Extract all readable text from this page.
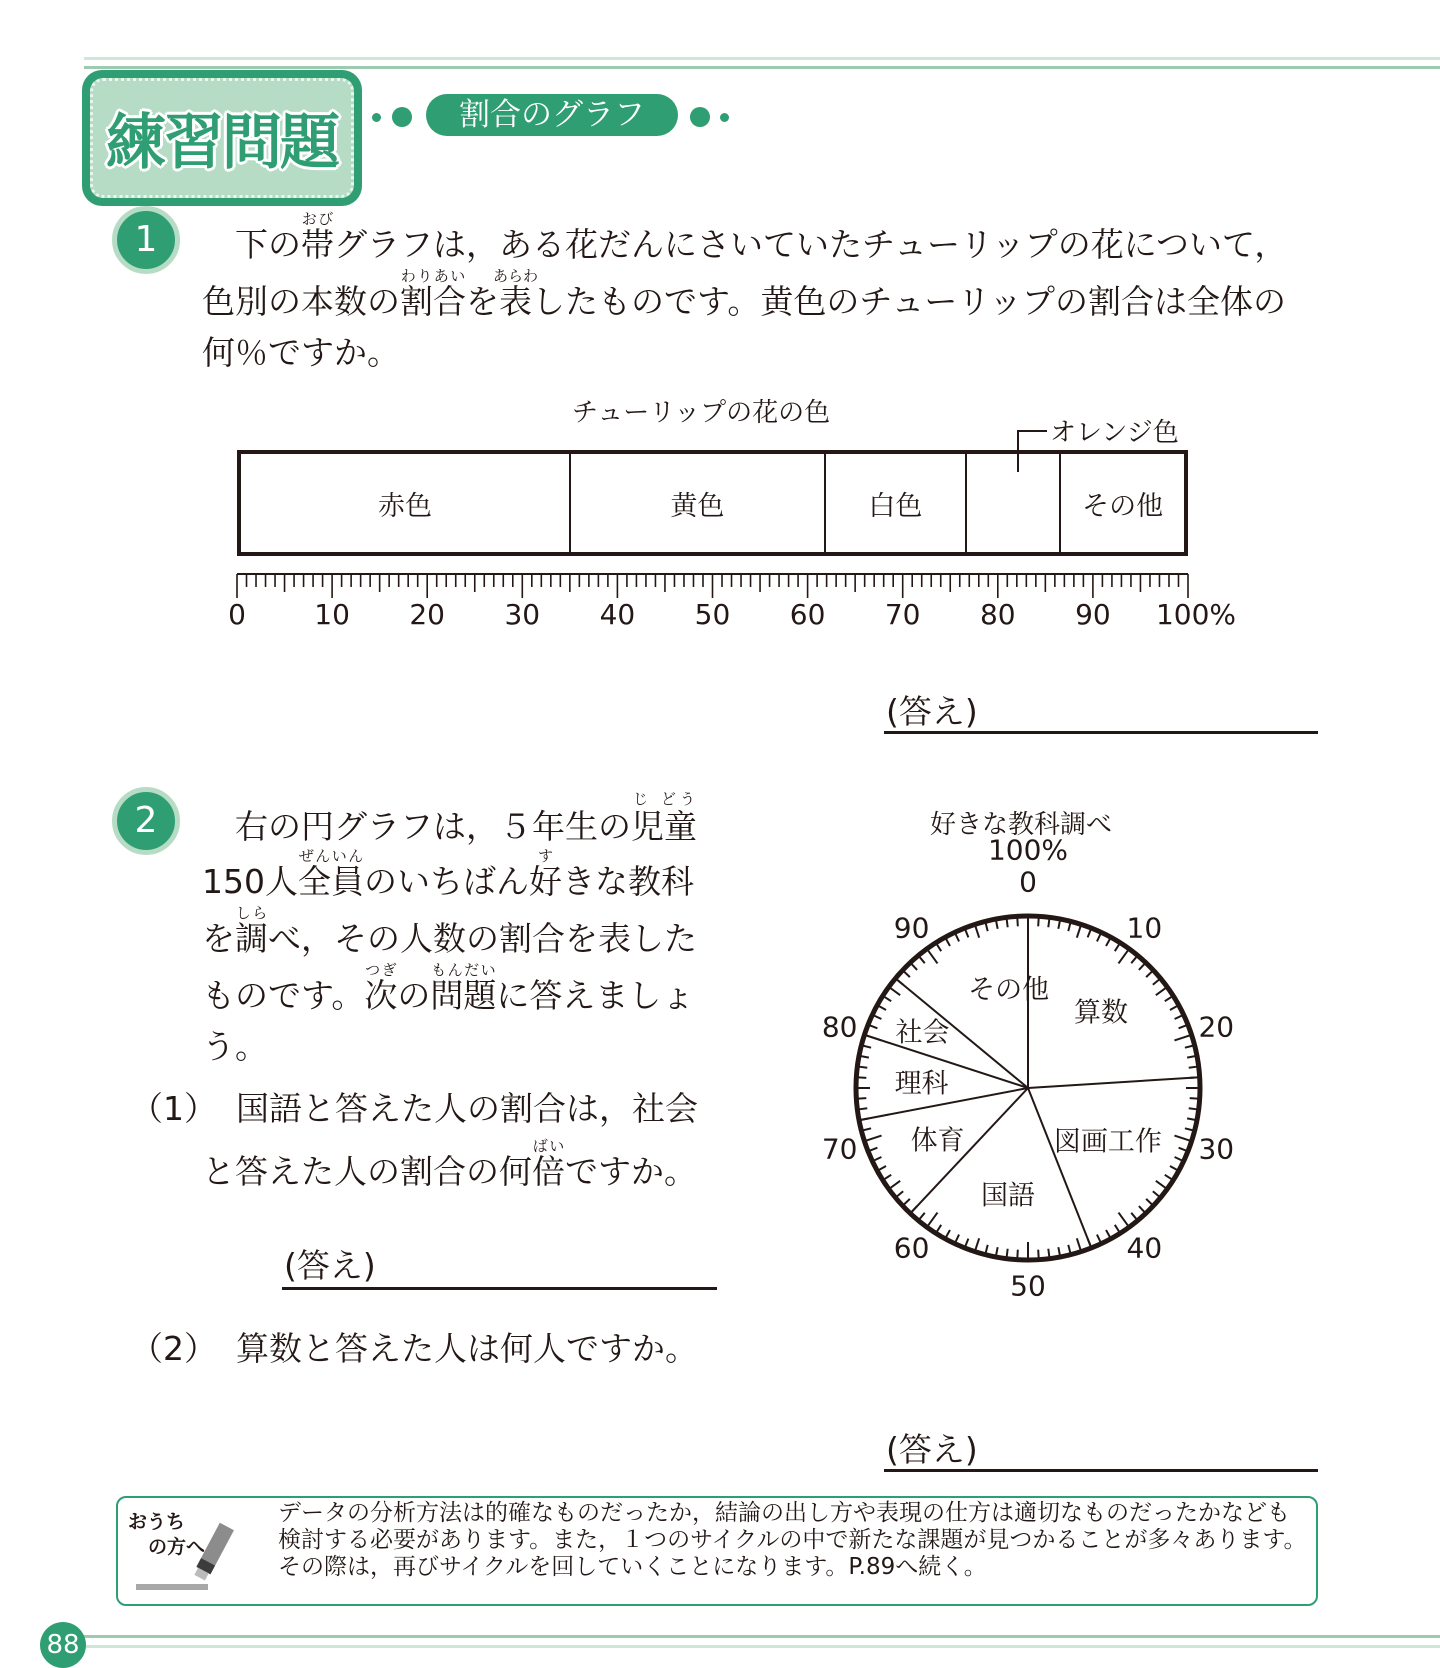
練習問題	割合のグラフ
1	　下の帯おびグラフは，ある花だんにさいていたチューリップの花について，
色別の本数の割合わりあいを表あらわしたものです。黄色のチューリップの割合は全体の
何％ですか。
チューリップの花の色
オレンジ色
赤色	黄色	白色	その他
0 10 20 30 40 50 60 70 80 90 100%
(答え)
2	　右の円グラフは，５年生の児童じ どう
150人全員ぜんいんのいちばん好すきな教科
を調しらべ，その人数の割合を表した
ものです。次つぎの問題もんだいに答えましょ
う。
（1） 国語と答えた人の割合は，社会
と答えた人の割合の何倍ばいですか。
(答え)
（2） 算数と答えた人は何人ですか。
(答え)
好きな教科調べ
算数
図画工作
国語
体育
理科
社会
その他
0
10
20
30
40
50
60
70
80
90
100%
おうち
の方へ
データの分析方法は的確なものだったか，結論の出し方や表現の仕方は適切なものだったかなども検討する必要があります。また，１つのサイクルの中で新たな課題が見つかることが多々あります。その際は，再びサイクルを回していくことになります。P.89へ続く。
88
